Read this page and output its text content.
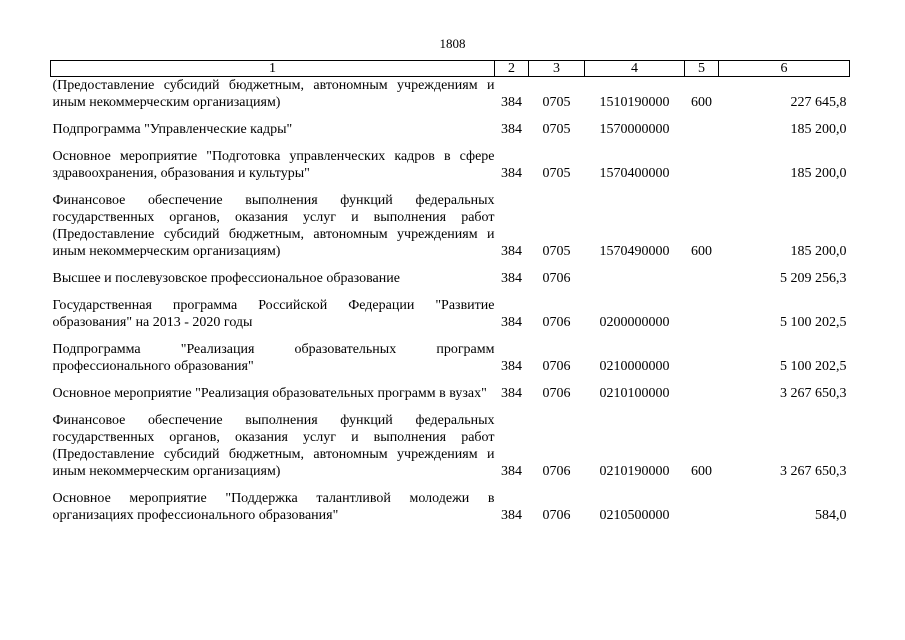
1808
1	2	3	4	5	6
(Предоставление субсидий бюджетным, автономным учреждениям и иным некоммерческим организациям)	384	0705	1510190000	600	227 645,8
Подпрограмма "Управленческие кадры"	384	0705	1570000000		185 200,0
Основное мероприятие "Подготовка управленческих кадров в сфере здравоохранения, образования и культуры"	384	0705	1570400000		185 200,0
Финансовое обеспечение выполнения функций федеральных государственных органов, оказания услуг и выполнения работ (Предоставление субсидий бюджетным, автономным учреждениям и иным некоммерческим организациям)	384	0705	1570490000	600	185 200,0
Высшее и послевузовское профессиональное образование	384	0706			5 209 256,3
Государственная программа Российской Федерации "Развитие образования" на 2013 - 2020 годы	384	0706	0200000000		5 100 202,5
Подпрограмма "Реализация образовательных программ профессионального образования"	384	0706	0210000000		5 100 202,5
Основное мероприятие "Реализация образовательных программ в вузах"	384	0706	0210100000		3 267 650,3
Финансовое обеспечение выполнения функций федеральных государственных органов, оказания услуг и выполнения работ (Предоставление субсидий бюджетным, автономным учреждениям и иным некоммерческим организациям)	384	0706	0210190000	600	3 267 650,3
Основное мероприятие "Поддержка талантливой молодежи в организациях профессионального образования"	384	0706	0210500000		584,0
